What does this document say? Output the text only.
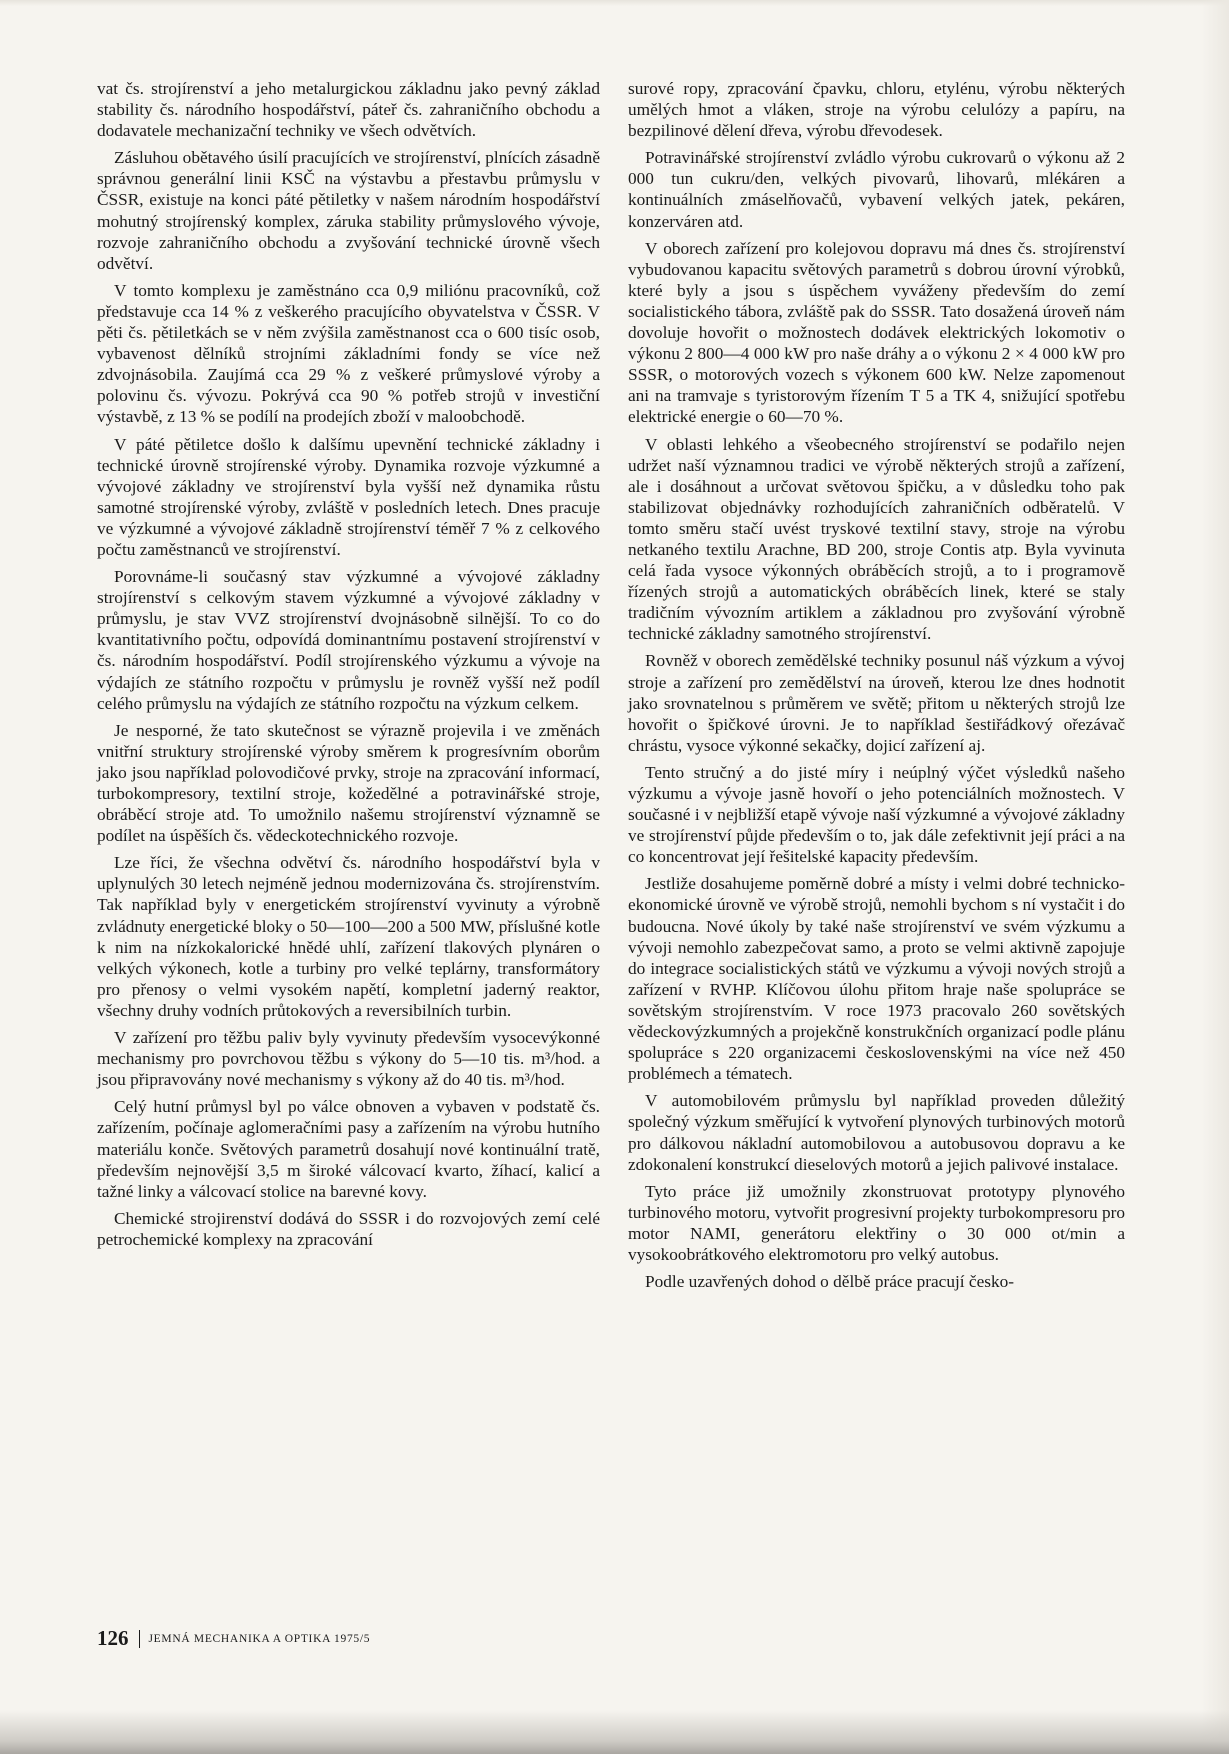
vat čs. strojírenství a jeho metalurgickou základnu jako pevný základ stability čs. národního hospodářství, páteř čs. zahraničního obchodu a dodavatele mechanizační techniky ve všech odvětvích.

Zásluhou obětavého úsilí pracujících ve strojírenství, plnících zásadně správnou generální linii KSČ na výstavbu a přestavbu průmyslu v ČSSR, existuje na konci páté pětiletky v našem národním hospodářství mohutný strojírenský komplex, záruka stability průmyslového vývoje, rozvoje zahraničního obchodu a zvyšování technické úrovně všech odvětví.

V tomto komplexu je zaměstnáno cca 0,9 miliónu pracovníků, což představuje cca 14 % z veškerého pracujícího obyvatelstva v ČSSR. V pěti čs. pětiletkách se v něm zvýšila zaměstnanost cca o 600 tisíc osob, vybavenost dělníků strojními základními fondy se více než zdvojnásobila. Zaujímá cca 29 % z veškeré průmyslové výroby a polovinu čs. vývozu. Pokrývá cca 90 % potřeb strojů v investiční výstavbě, z 13 % se podílí na prodejích zboží v maloobchodě.

V páté pětiletce došlo k dalšímu upevnění technické základny i technické úrovně strojírenské výroby. Dynamika rozvoje výzkumné a vývojové základny ve strojírenství byla vyšší než dynamika růstu samotné strojírenské výroby, zvláště v posledních letech. Dnes pracuje ve výzkumné a vývojové základně strojírenství téměř 7 % z celkového počtu zaměstnanců ve strojírenství.

Porovnáme-li současný stav výzkumné a vývojové základny strojírenství s celkovým stavem výzkumné a vývojové základny v průmyslu, je stav VVZ strojírenství dvojnásobně silnější. To co do kvantitativního počtu, odpovídá dominantnímu postavení strojírenství v čs. národním hospodářství. Podíl strojírenského výzkumu a vývoje na výdajích ze státního rozpočtu v průmyslu je rovněž vyšší než podíl celého průmyslu na výdajích ze státního rozpočtu na výzkum celkem.

Je nesporné, že tato skutečnost se výrazně projevila i ve změnách vnitřní struktury strojírenské výroby směrem k progresívním oborům jako jsou například polovodičové prvky, stroje na zpracování informací, turbokompresory, textilní stroje, kožedělné a potravinářské stroje, obráběcí stroje atd. To umožnilo našemu strojírenství významně se podílet na úspěších čs. vědeckotechnického rozvoje.

Lze říci, že všechna odvětví čs. národního hospodářství byla v uplynulých 30 letech nejméně jednou modernizována čs. strojírenstvím. Tak například byly v energetickém strojírenství vyvinuty a výrobně zvládnuty energetické bloky o 50—100—200 a 500 MW, příslušné kotle k nim na nízkokalorické hnědé uhlí, zařízení tlakových plynáren o velkých výkonech, kotle a turbiny pro velké teplárny, transformátory pro přenosy o velmi vysokém napětí, kompletní jaderný reaktor, všechny druhy vodních průtokových a reversibilních turbin.

V zařízení pro těžbu paliv byly vyvinuty především vysocevýkonné mechanismy pro povrchovou těžbu s výkony do 5—10 tis. m³/hod. a jsou připravovány nové mechanismy s výkony až do 40 tis. m³/hod.

Celý hutní průmysl byl po válce obnoven a vybaven v podstatě čs. zařízením, počínaje aglomeračními pasy a zařízením na výrobu hutního materiálu konče. Světových parametrů dosahují nové kontinuální tratě, především nejnovější 3,5 m široké válcovací kvarto, žíhací, kalicí a tažné linky a válcovací stolice na barevné kovy.

Chemické strojirenství dodává do SSSR i do rozvojových zemí celé petrochemické komplexy na zpracování

surové ropy, zpracování čpavku, chloru, etylénu, výrobu některých umělých hmot a vláken, stroje na výrobu celulózy a papíru, na bezpilinové dělení dřeva, výrobu dřevodesek.

Potravinářské strojírenství zvládlo výrobu cukrovarů o výkonu až 2 000 tun cukru/den, velkých pivovarů, lihovarů, mlékáren a kontinuálních zmáselňovačů, vybavení velkých jatek, pekáren, konzerváren atd.

V oborech zařízení pro kolejovou dopravu má dnes čs. strojírenství vybudovanou kapacitu světových parametrů s dobrou úrovní výrobků, které byly a jsou s úspěchem vyváženy především do zemí socialistického tábora, zvláště pak do SSSR. Tato dosažená úroveň nám dovoluje hovořit o možnostech dodávek elektrických lokomotiv o výkonu 2 800—4 000 kW pro naše dráhy a o výkonu 2 × 4 000 kW pro SSSR, o motorových vozech s výkonem 600 kW. Nelze zapomenout ani na tramvaje s tyristorovým řízením T 5 a TK 4, snižující spotřebu elektrické energie o 60—70 %.

V oblasti lehkého a všeobecného strojírenství se podařilo nejen udržet naší významnou tradici ve výrobě některých strojů a zařízení, ale i dosáhnout a určovat světovou špičku, a v důsledku toho pak stabilizovat objednávky rozhodujících zahraničních odběratelů. V tomto směru stačí uvést tryskové textilní stavy, stroje na výrobu netkaného textilu Arachne, BD 200, stroje Contis atp. Byla vyvinuta celá řada vysoce výkonných obráběcích strojů, a to i programově řízených strojů a automatických obráběcích linek, které se staly tradičním vývozním artiklem a základnou pro zvyšování výrobně technické základny samotného strojírenství.

Rovněž v oborech zemědělské techniky posunul náš výzkum a vývoj stroje a zařízení pro zemědělství na úroveň, kterou lze dnes hodnotit jako srovnatelnou s průměrem ve světě; přitom u některých strojů lze hovořit o špičkové úrovni. Je to například šestiřádkový ořezávač chrástu, vysoce výkonné sekačky, dojicí zařízení aj.

Tento stručný a do jisté míry i neúplný výčet výsledků našeho výzkumu a vývoje jasně hovoří o jeho potenciálních možnostech. V současné i v nejbližší etapě vývoje naší výzkumné a vývojové základny ve strojírenství půjde především o to, jak dále zefektivnit její práci a na co koncentrovat její řešitelské kapacity především.

Jestliže dosahujeme poměrně dobré a místy i velmi dobré technicko-ekonomické úrovně ve výrobě strojů, nemohli bychom s ní vystačit i do budoucna. Nové úkoly by také naše strojírenství ve svém výzkumu a vývoji nemohlo zabezpečovat samo, a proto se velmi aktivně zapojuje do integrace socialistických států ve výzkumu a vývoji nových strojů a zařízení v RVHP. Klíčovou úlohu přitom hraje naše spolupráce se sovětským strojírenstvím. V roce 1973 pracovalo 260 sovětských vědeckovýzkumných a projekčně konstrukčních organizací podle plánu spolupráce s 220 organizacemi československými na více než 450 problémech a tématech.

V automobilovém průmyslu byl například proveden důležitý společný výzkum směřující k vytvoření plynových turbinových motorů pro dálkovou nákladní automobilovou a autobusovou dopravu a ke zdokonalení konstrukcí dieselových motorů a jejich palivové instalace.

Tyto práce již umožnily zkonstruovat prototypy plynového turbinového motoru, vytvořit progresivní projekty turbokompresoru pro motor NAMI, generátoru elektřiny o 30 000 ot/min a vysokoobrátkového elektromotoru pro velký autobus.

Podle uzavřených dohod o dělbě práce pracují česko-

126 JEMNÁ MECHANIKA A OPTIKA 1975/5
